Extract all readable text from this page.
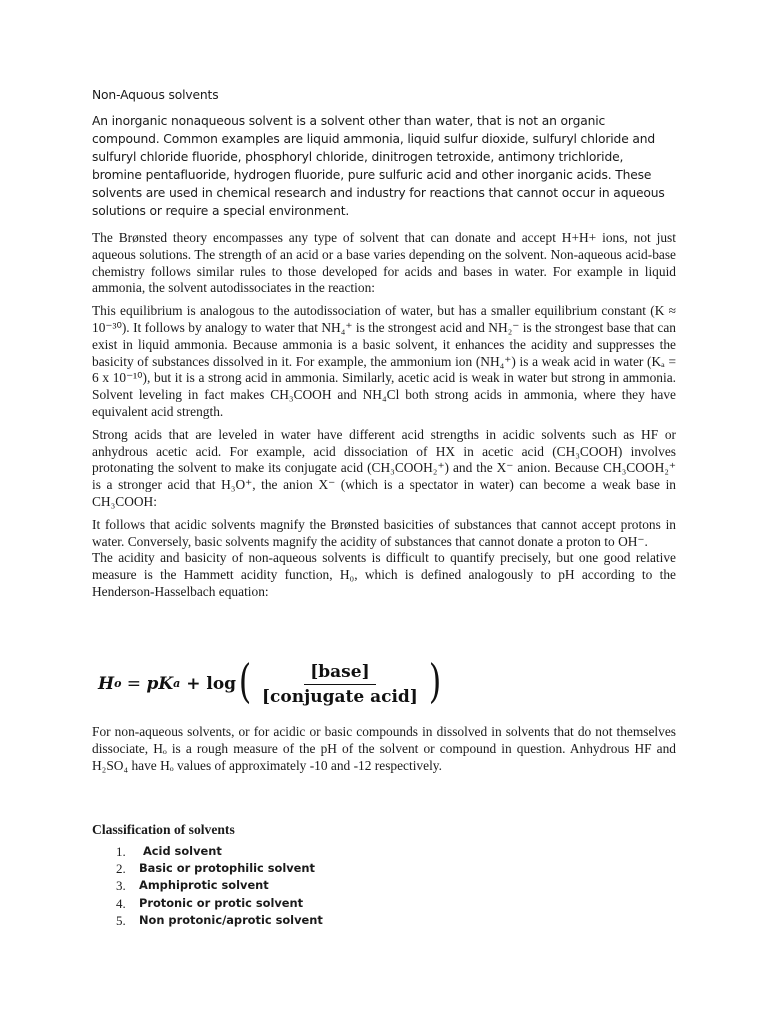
Non-Aquous solvents

An inorganic nonaqueous solvent is a solvent other than water, that is not an organic compound. Common examples are liquid ammonia, liquid sulfur dioxide, sulfuryl chloride and sulfuryl chloride fluoride, phosphoryl chloride, dinitrogen tetroxide, antimony trichloride, bromine pentafluoride, hydrogen fluoride, pure sulfuric acid and other inorganic acids. These solvents are used in chemical research and industry for reactions that cannot occur in aqueous solutions or require a special environment.

The Brønsted theory encompasses any type of solvent that can donate and accept H+H+ ions, not just aqueous solutions. The strength of an acid or a base varies depending on the solvent. Non-aqueous acid-base chemistry follows similar rules to those developed for acids and bases in water. For example in liquid ammonia, the solvent autodissociates in the reaction:

This equilibrium is analogous to the autodissociation of water, but has a smaller equilibrium constant (K ≈ 10⁻³⁰). It follows by analogy to water that NH₄⁺ is the strongest acid and NH₂⁻ is the strongest base that can exist in liquid ammonia. Because ammonia is a basic solvent, it enhances the acidity and suppresses the basicity of substances dissolved in it. For example, the ammonium ion (NH₄⁺) is a weak acid in water (Kₐ = 6 x 10⁻¹⁰), but it is a strong acid in ammonia. Similarly, acetic acid is weak in water but strong in ammonia. Solvent leveling in fact makes CH₃COOH and NH₄Cl both strong acids in ammonia, where they have equivalent acid strength.

Strong acids that are leveled in water have different acid strengths in acidic solvents such as HF or anhydrous acetic acid. For example, acid dissociation of HX in acetic acid (CH₃COOH) involves protonating the solvent to make its conjugate acid (CH₃COOH₂⁺) and the X⁻ anion. Because CH₃COOH₂⁺ is a stronger acid that H₃O⁺, the anion X⁻ (which is a spectator in water) can become a weak base in CH₃COOH:

It follows that acidic solvents magnify the Brønsted basicities of substances that cannot accept protons in water. Conversely, basic solvents magnify the acidity of substances that cannot donate a proton to OH⁻.

The acidity and basicity of non-aqueous solvents is difficult to quantify precisely, but one good relative measure is the Hammett acidity function, H₀, which is defined analogously to pH according to the Henderson-Hasselbach equation:

H o = pK a + log ( $\frac{\text{[base]}}{\text{[conjugate acid]}}$ )

For non-aqueous solvents, or for acidic or basic compounds in dissolved in solvents that do not themselves dissociate, Hₒ is a rough measure of the pH of the solvent or compound in question. Anhydrous HF and H₂SO₄ have Hₒ values of approximately -10 and -12 respectively.

Classification of solvents

1.	Acid solvent
2.	Basic or protophilic solvent
3.	Amphiprotic solvent
4.	Protonic or protic solvent
5.	Non protonic/aprotic solvent
